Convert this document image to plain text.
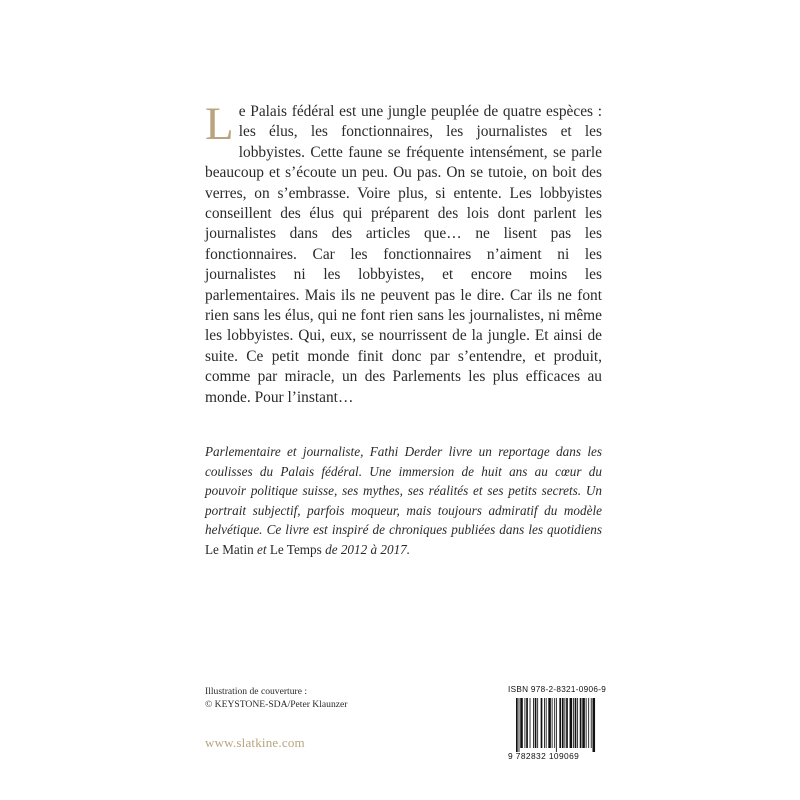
Le Palais fédéral est une jungle peuplée de quatre espèces : les élus, les fonctionnaires, les journalistes et les lobbyistes. Cette faune se fréquente intensément, se parle beaucoup et s’écoute un peu. Ou pas. On se tutoie, on boit des verres, on s’embrasse. Voire plus, si entente. Les lobbyistes conseillent des élus qui préparent des lois dont parlent les journalistes dans des articles que… ne lisent pas les fonctionnaires. Car les fonctionnaires n’aiment ni les journalistes ni les lobbyistes, et encore moins les parlementaires. Mais ils ne peuvent pas le dire. Car ils ne font rien sans les élus, qui ne font rien sans les journalistes, ni même les lobbyistes. Qui, eux, se nourrissent de la jungle. Et ainsi de suite. Ce petit monde finit donc par s’entendre, et produit, comme par miracle, un des Parlements les plus efficaces au monde. Pour l’instant…

Parlementaire et journaliste, Fathi Derder livre un reportage dans les coulisses du Palais fédéral. Une immersion de huit ans au cœur du pouvoir politique suisse, ses mythes, ses réalités et ses petits secrets. Un portrait subjectif, parfois moqueur, mais toujours admiratif du modèle helvétique. Ce livre est inspiré de chroniques publiées dans les quotidiens Le Matin et Le Temps de 2012 à 2017.

Illustration de couverture :
© KEYSTONE-SDA/Peter Klaunzer
www.slatkine.com
ISBN 978-2-8321-0906-9
9 782832 109069
